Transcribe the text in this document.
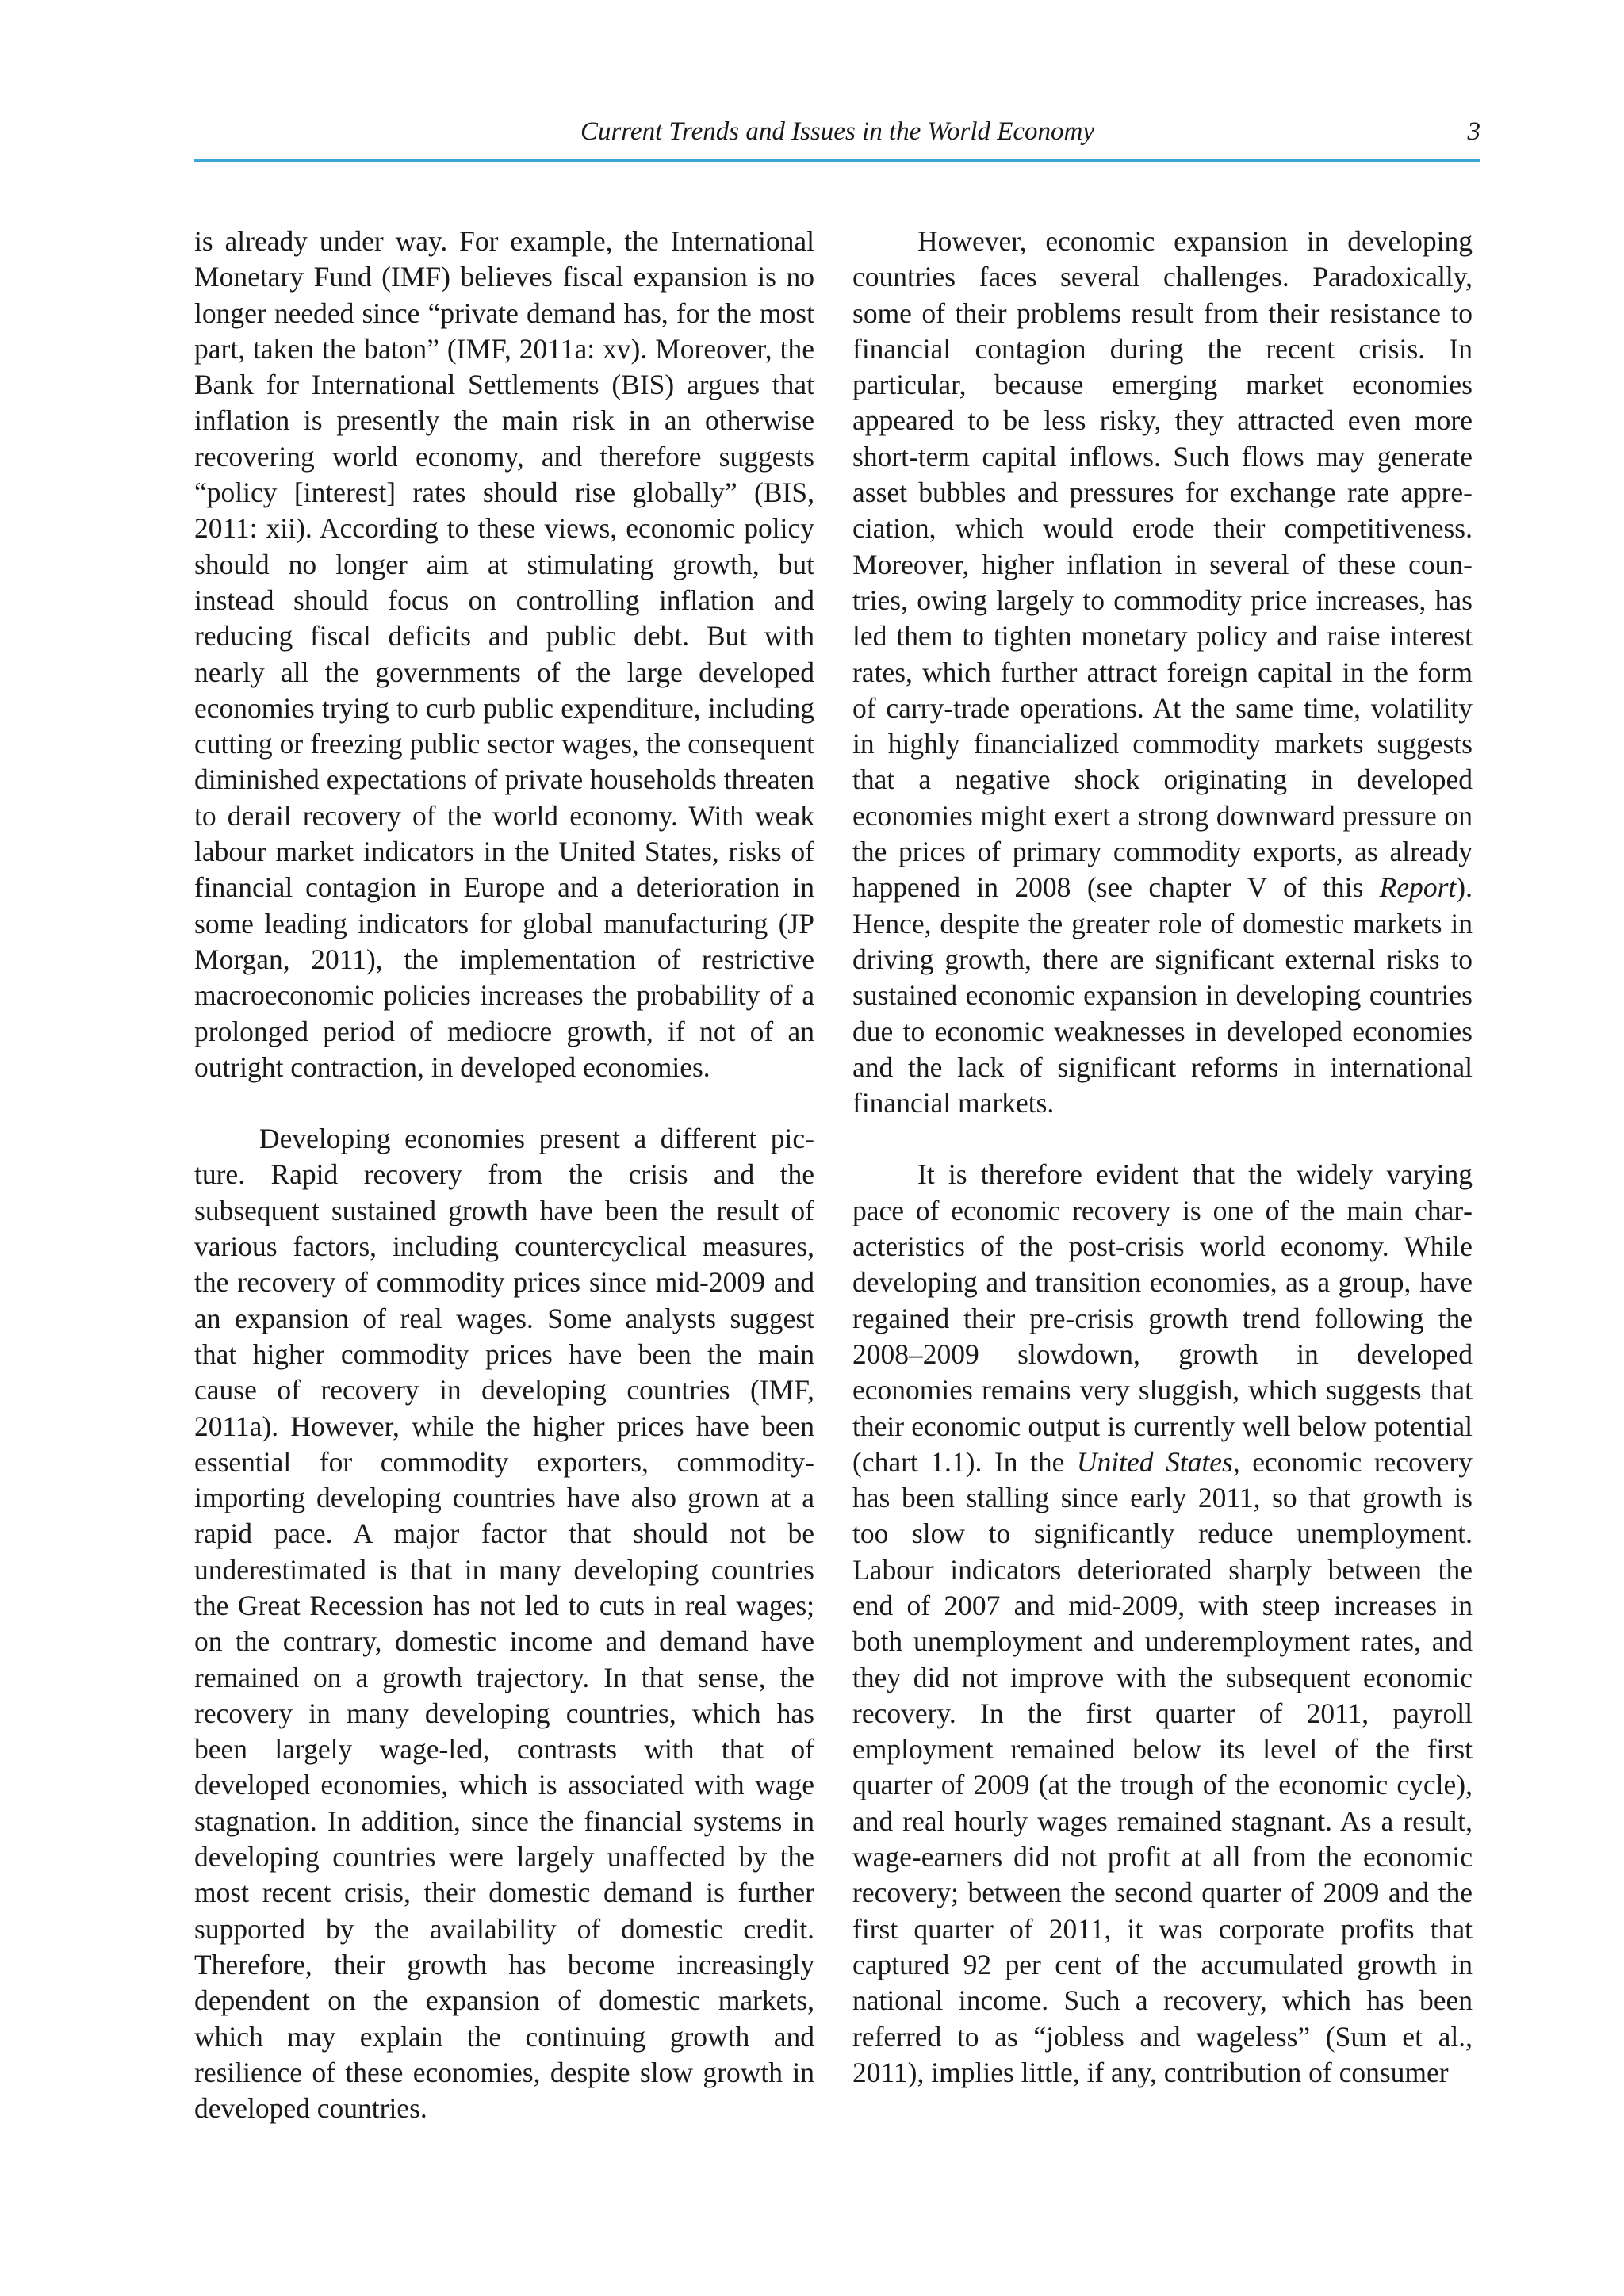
Current Trends and Issues in the World Economy	3

is already under way. For example, the International Monetary Fund (IMF) believes fiscal expansion is no longer needed since “private demand has, for the most part, taken the baton” (IMF, 2011a: xv). Moreover, the Bank for International Settlements (BIS) argues that inflation is presently the main risk in an otherwise recovering world economy, and therefore suggests “policy [interest] rates should rise globally” (BIS, 2011: xii). According to these views, economic policy should no longer aim at stimulating growth, but instead should focus on controlling inflation and reducing fiscal deficits and public debt. But with nearly all the governments of the large developed economies trying to curb public expenditure, including cutting or freezing public sector wages, the consequent diminished expectations of private households threaten to derail recovery of the world economy. With weak labour market indicators in the United States, risks of financial contagion in Europe and a deterioration in some leading indicators for global manufacturing (JP Morgan, 2011), the implementation of restrictive macroeconomic policies increases the probability of a prolonged period of mediocre growth, if not of an outright contraction, in developed economies.

Developing economies present a different picture. Rapid recovery from the crisis and the subsequent sustained growth have been the result of various factors, including countercyclical measures, the recovery of commodity prices since mid-2009 and an expansion of real wages. Some analysts suggest that higher commodity prices have been the main cause of recovery in developing countries (IMF, 2011a). However, while the higher prices have been essential for commodity exporters, commodity-importing developing countries have also grown at a rapid pace. A major factor that should not be underestimated is that in many developing countries the Great Recession has not led to cuts in real wages; on the contrary, domestic income and demand have remained on a growth trajectory. In that sense, the recovery in many developing countries, which has been largely wage-led, contrasts with that of developed economies, which is associated with wage stagnation. In addition, since the financial systems in developing countries were largely unaffected by the most recent crisis, their domestic demand is further supported by the availability of domestic credit. Therefore, their growth has become increasingly dependent on the expansion of domestic markets, which may explain the continuing growth and resilience of these economies, despite slow growth in developed countries.

However, economic expansion in developing countries faces several challenges. Paradoxically, some of their problems result from their resistance to financial contagion during the recent crisis. In particular, because emerging market economies appeared to be less risky, they attracted even more short-term capital inflows. Such flows may generate asset bubbles and pressures for exchange rate appreciation, which would erode their competitiveness. Moreover, higher inflation in several of these countries, owing largely to commodity price increases, has led them to tighten monetary policy and raise interest rates, which further attract foreign capital in the form of carry-trade operations. At the same time, volatility in highly financialized commodity markets suggests that a negative shock originating in developed economies might exert a strong downward pressure on the prices of primary commodity exports, as already happened in 2008 (see chapter V of this Report). Hence, despite the greater role of domestic markets in driving growth, there are significant external risks to sustained economic expansion in developing countries due to economic weaknesses in developed economies and the lack of significant reforms in international financial markets.

It is therefore evident that the widely varying pace of economic recovery is one of the main characteristics of the post-crisis world economy. While developing and transition economies, as a group, have regained their pre-crisis growth trend following the 2008–2009 slowdown, growth in developed economies remains very sluggish, which suggests that their economic output is currently well below potential (chart 1.1). In the United States, economic recovery has been stalling since early 2011, so that growth is too slow to significantly reduce unemployment. Labour indicators deteriorated sharply between the end of 2007 and mid-2009, with steep increases in both unemployment and underemployment rates, and they did not improve with the subsequent economic recovery. In the first quarter of 2011, payroll employment remained below its level of the first quarter of 2009 (at the trough of the economic cycle), and real hourly wages remained stagnant. As a result, wage-earners did not profit at all from the economic recovery; between the second quarter of 2009 and the first quarter of 2011, it was corporate profits that captured 92 per cent of the accumulated growth in national income. Such a recovery, which has been referred to as “jobless and wageless” (Sum et al., 2011), implies little, if any, contribution of consumer
